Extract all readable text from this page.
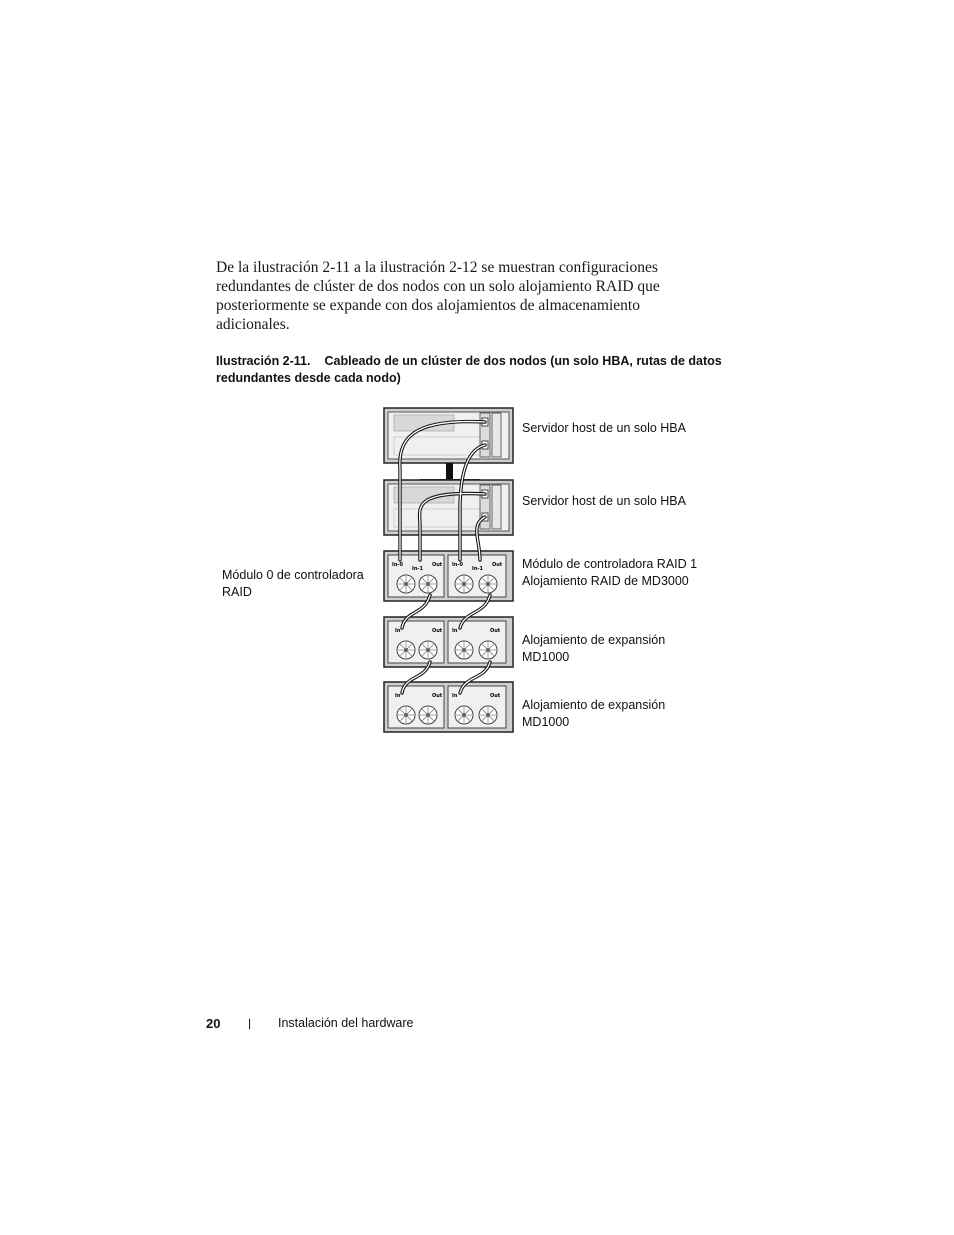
De la ilustración 2-11 a la ilustración 2-12 se muestran configuraciones redundantes de clúster de dos nodos con un solo alojamiento RAID que posteriormente se expande con dos alojamientos de almacenamiento adicionales.

Ilustración 2-11. Cableado de un clúster de dos nodos (un solo HBA, rutas de datos redundantes desde cada nodo)

Servidor host de un solo HBA
Servidor host de un solo HBA
Módulo de controladora RAID 1
Alojamiento RAID de MD3000
Módulo 0 de controladora
RAID
Alojamiento de expansión
MD1000
Alojamiento de expansión
MD1000
In-0
In-1
Out In-0
In-1
Out
In	Out In	Out
In	Out In	Out
20 | Instalación del hardware
